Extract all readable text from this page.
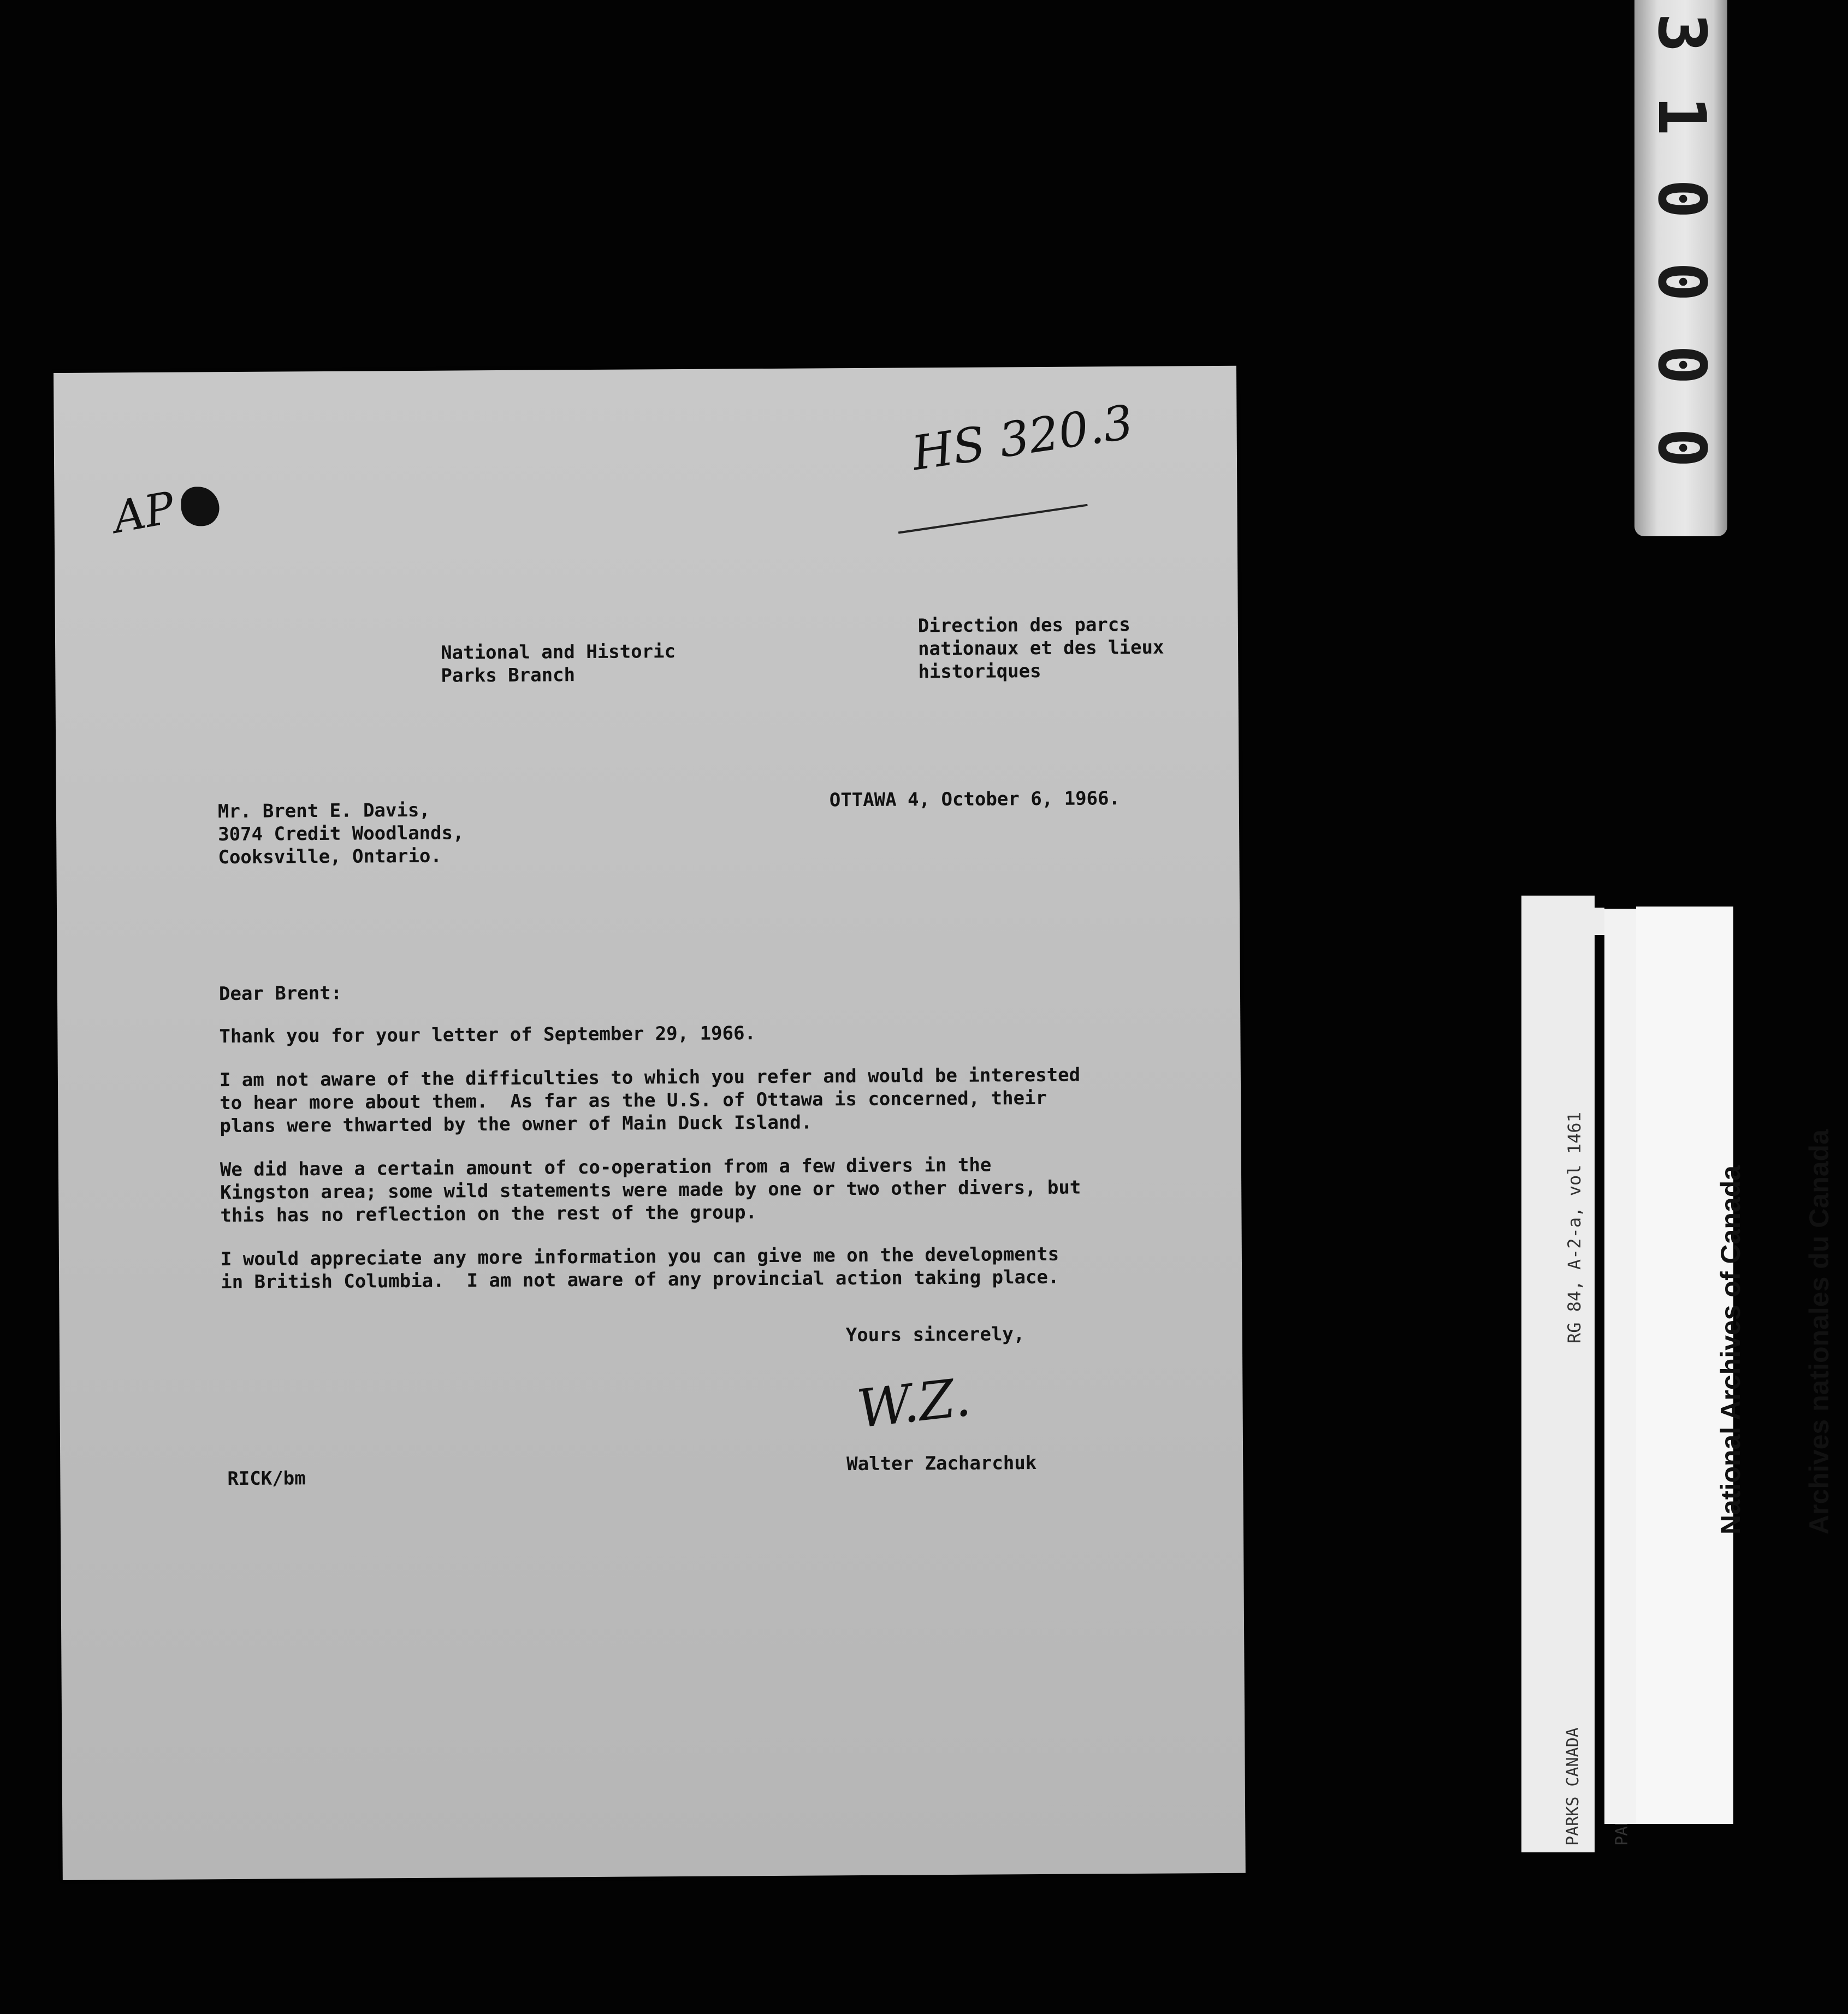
HS 320.3
AP

National and Historic

Parks Branch

Direction des parcs

nationaux et des lieux

historiques

OTTAWA 4, October 6, 1966.

Mr. Brent E. Davis,

3074 Credit Woodlands,

Cooksville, Ontario.

Dear Brent:

Thank you for your letter of September 29, 1966.

I am not aware of the difficulties to which you refer and would be interested

to hear more about them.  As far as the U.S. of Ottawa is concerned, their

plans were thwarted by the owner of Main Duck Island.

We did have a certain amount of co-operation from a few divers in the

Kingston area; some wild statements were made by one or two other divers, but

this has no reflection on the rest of the group.

I would appreciate any more information you can give me on the developments

in British Columbia.  I am not aware of any provincial action taking place.

Yours sincerely,

W.Z.

Walter Zacharchuk

RICK/bm

3
1
0
0
0
0

RG 84, A-2-a, vol 1461

PARKS CANADA

National Archives of Canada

Archives nationales du Canada
